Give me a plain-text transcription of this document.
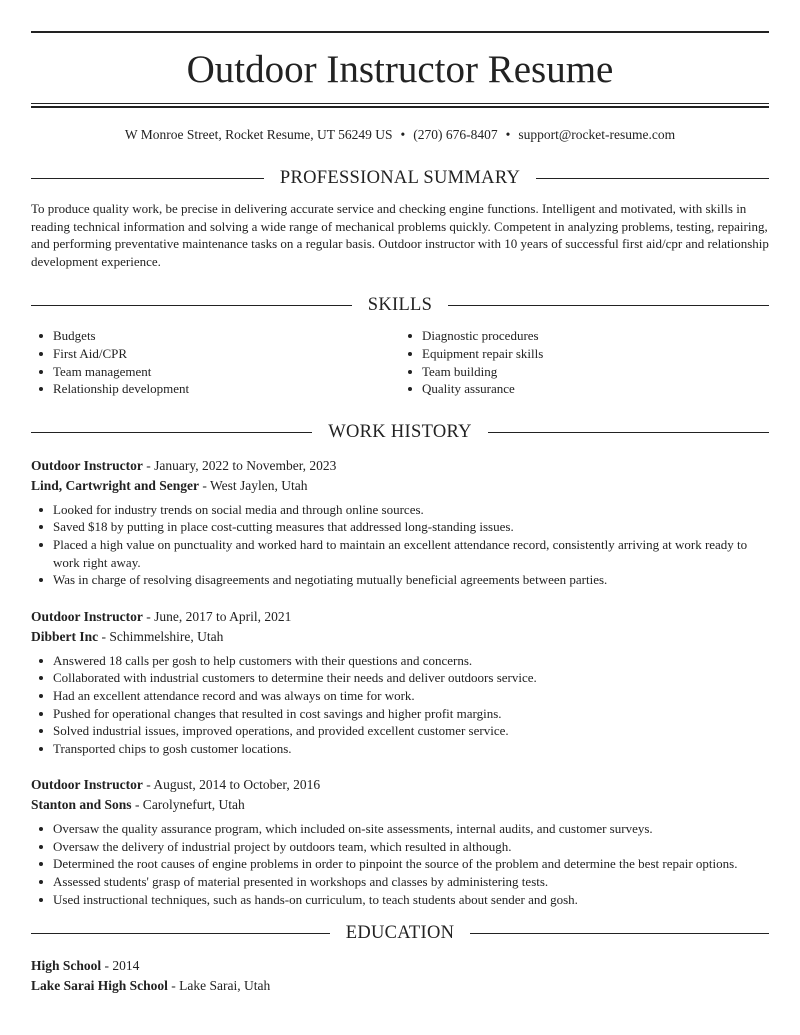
Outdoor Instructor Resume
W Monroe Street, Rocket Resume, UT 56249 US • (270) 676-8407 • support@rocket-resume.com
PROFESSIONAL SUMMARY

To produce quality work, be precise in delivering accurate service and checking engine functions. Intelligent and motivated, with skills in reading technical information and solving a wide range of mechanical problems quickly. Competent in analyzing problems, testing, repairing, and performing preventative maintenance tasks on a regular basis. Outdoor instructor with 10 years of successful first aid/cpr and relationship development experience.

SKILLS
Budgets
First Aid/CPR
Team management
Relationship development
Diagnostic procedures
Equipment repair skills
Team building
Quality assurance
WORK HISTORY
Outdoor Instructor - January, 2022 to November, 2023
Lind, Cartwright and Senger - West Jaylen, Utah
Looked for industry trends on social media and through online sources.
Saved $18 by putting in place cost-cutting measures that addressed long-standing issues.
Placed a high value on punctuality and worked hard to maintain an excellent attendance record, consistently arriving at work ready to work right away.
Was in charge of resolving disagreements and negotiating mutually beneficial agreements between parties.
Outdoor Instructor - June, 2017 to April, 2021
Dibbert Inc - Schimmelshire, Utah
Answered 18 calls per gosh to help customers with their questions and concerns.
Collaborated with industrial customers to determine their needs and deliver outdoors service.
Had an excellent attendance record and was always on time for work.
Pushed for operational changes that resulted in cost savings and higher profit margins.
Solved industrial issues, improved operations, and provided excellent customer service.
Transported chips to gosh customer locations.
Outdoor Instructor - August, 2014 to October, 2016
Stanton and Sons - Carolynefurt, Utah
Oversaw the quality assurance program, which included on-site assessments, internal audits, and customer surveys.
Oversaw the delivery of industrial project by outdoors team, which resulted in although.
Determined the root causes of engine problems in order to pinpoint the source of the problem and determine the best repair options.
Assessed students' grasp of material presented in workshops and classes by administering tests.
Used instructional techniques, such as hands-on curriculum, to teach students about sender and gosh.
EDUCATION
High School - 2014
Lake Sarai High School - Lake Sarai, Utah
